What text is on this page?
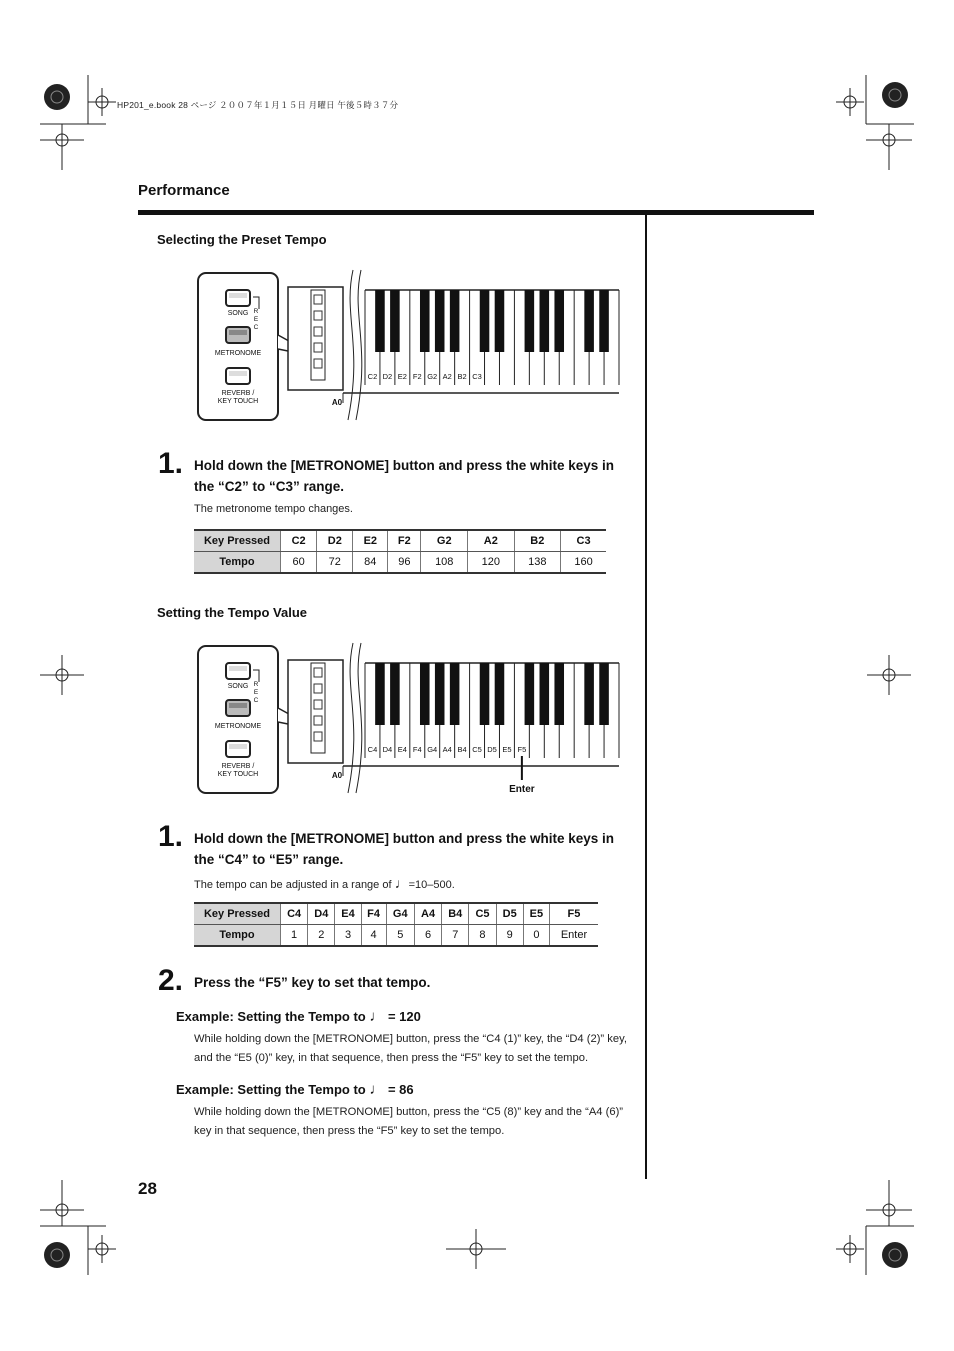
HP201_e.book 28 ページ ２００７年１月１５日 月曜日 午後５時３７分
Performance
Selecting the Preset Tempo
SONG
METRONOME
REVERB /
KEY TOUCH
R
E
C
C2 D2 E2 F2 G2 A2 B2 C3
A0
1. Hold down the [METRONOME] button and press the white keys in the “C2” to “C3” range.
The metronome tempo changes.
Key Pressed	C2	D2	E2	F2	G2	A2	B2	C3
Tempo	60	72	84	96	108	120	138	160
Setting the Tempo Value
SONG
METRONOME
REVERB /
KEY TOUCH
R
E
C
C4 D4 E4 F4 G4 A4 B4 C5 D5 E5 F5
A0
Enter
1. Hold down the [METRONOME] button and press the white keys in the “C4” to “E5” range.
The tempo can be adjusted in a range of ♩=10–500.
Key Pressed	C4	D4	E4	F4	G4	A4	B4	C5	D5	E5	F5
Tempo	1	2	3	4	5	6	7	8	9	0	Enter
2. Press the “F5” key to set that tempo.
Example: Setting the Tempo to ♩ = 120
While holding down the [METRONOME] button, press the “C4 (1)” key, the “D4 (2)” key, and the “E5 (0)” key, in that sequence, then press the “F5” key to set the tempo.
Example: Setting the Tempo to ♩ = 86
While holding down the [METRONOME] button, press the “C5 (8)” key and the “A4 (6)” key in that sequence, then press the “F5” key to set the tempo.
28
